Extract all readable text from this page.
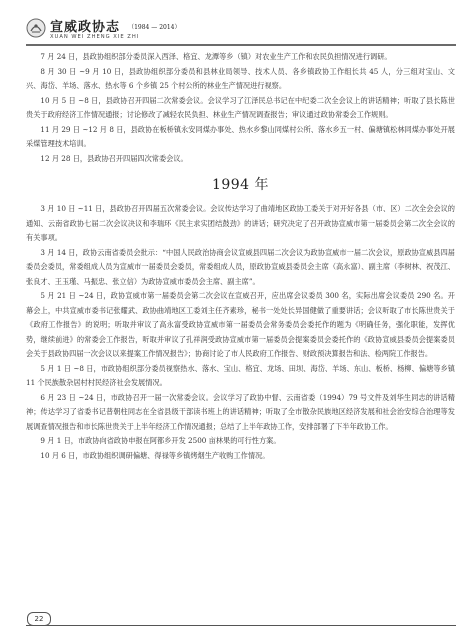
宣威政协志 （1984 — 2014）
XUAN WEI ZHENG XIE ZHI

7 月 24 日，县政协组织部分委员深入西泽、格宜、龙潭等乡（镇）对农业生产工作和农民负担情况进行调研。

8 月 30 日 ~9 月 10 日，县政协组织部分委员和县林业局领导、技术人员、各乡镇政协工作组长共 45 人，分三组对宝山、文兴、海岱、羊场、落水、热水等 6 个乡镇 25 个村公所的林业生产情况进行视察。

10 月 5 日 ~8 日，县政协召开四届二次常委会议。会议学习了江泽民总书记在中纪委二次全会议上的讲话精神；听取了县长陈世贵关于政府经济工作情况通报；讨论修改了减轻农民负担、林业生产情况调查报告；审议通过政协常委会工作规则。

11 月 29 日 ~12 月 8 日，县政协在板桥镇永安同煤办事处、热水乡黎山同煤村公所、落水乡五一村、偏塘镇松林同煤办事处开展采煤管理技术培训。

12 月 28 日，县政协召开四届四次常委会议。

1994 年

3 月 10 日 ~11 日，县政协召开四届五次常委会议。会议传达学习了曲靖地区政协工委关于对开好各县（市、区）二次全会会议的通知、云南省政协七届二次会议决议和李瑞环《民主求实团结鼓劲》的讲话；研究决定了召开政协宣威市第一届委员会第二次全会议的有关事项。

3 月 14 日，政协云南省委员会批示：“中国人民政治协商会议宣威县四届二次会议为政协宣威市一届二次会议，原政协宣威县四届委员会委员，常委组成人员为宣威市一届委员会委员，常委组成人员，原政协宣威县委员会主席（高永富）、副主席（李树林、祝茂江、张良才、王玉瑾、马振忠、张立信）为政协宣威市委员会主席、副主席”。

5 月 21 日 ~24 日，政协宣威市第一届委员会第二次会议在宣威召开，应出席会议委员 300 名，实际出席会议委员 290 名。开幕会上，中共宣威市委书记张耀武、政协曲靖地区工委刘主任齐素珍，秘书一处处长异国健做了重要讲话；会议听取了市长陈世贵关于《政府工作报告》的说明；听取并审议了高永富受政协宣威市第一届委员会常务委员会委托作的题为《明确任务，强化职能，发挥优势，继续前进》的常委会工作报告，听取并审议了孔祥润受政协宣威市第一届委员会提案委员会委托作的《政协宣威县委员会提案委员会关于县政协四届一次会议以来提案工作情况报告》；协商讨论了市人民政府工作报告、财政预决算报告和法、检两院工作报告。

5 月 1 日 ~8 日，市政协组织部分委员视察热水、落水、宝山、格宜、龙场、田坝、海岱、羊场、东山、板桥、杨柳、偏塘等乡镇 11 个民族散杂居村村民经济社会发展情况。

6 月 23 日 ~24 日，市政协召开一届一次常委会议。会议学习了政协中督、云南省委（1994）79 号文件及刘华生同志的讲话精神；传达学习了省委书记普朝柱同志在全省县级干部读书班上的讲话精神；听取了全市散杂民族地区经济发展和社会治安综合治理等发展调查情况报告和市长陈世贵关于上半年经济工作情况通报；总结了上半年政协工作，安排部署了下半年政协工作。

9 月 1 日，市政协向省政协申报在阿都乡开发 2500 亩林果的可行性方案。

10 月 6 日，市政协组织调研偏塘、得禄等乡镇烤烟生产收购工作情况。

22
